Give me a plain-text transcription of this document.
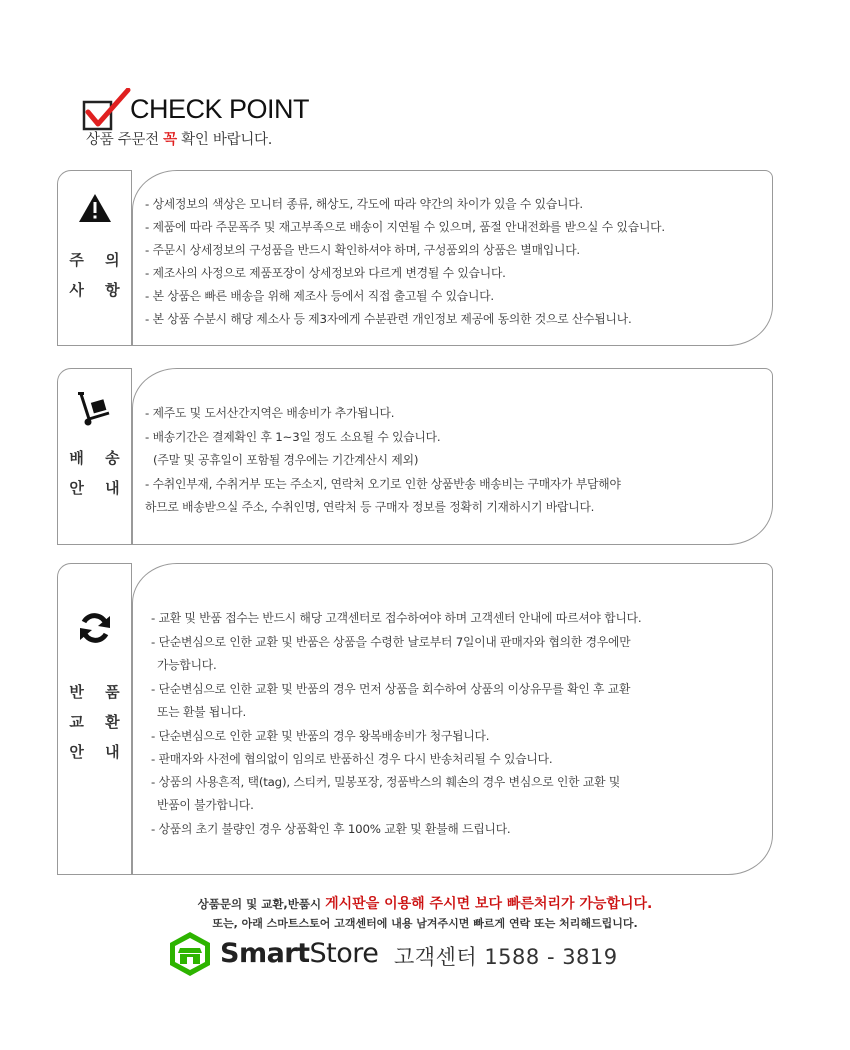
CHECK POINT
상품 주문전 꼭 확인 바랍니다.
주 의
사 항
- 상세정보의 색상은 모니터 종류, 해상도, 각도에 따라 약간의 차이가 있을 수 있습니다.
- 제품에 따라 주문폭주 및 재고부족으로 배송이 지연될 수 있으며, 품절 안내전화를 받으실 수 있습니다.
- 주문시 상세정보의 구성품을 반드시 확인하셔야 하며, 구성품외의 상품은 별매입니다.
- 제조사의 사정으로 제품포장이 상세정보와 다르게 변경될 수 있습니다.
- 본 상품은 빠른 배송을 위해 제조사 등에서 직접 출고될 수 있습니다.
- 본 상품 수분시 해당 제소사 등 제3자에게 수분관련 개인정보 제공에 동의한 것으로 산수됩니나.
배 송
안 내
- 제주도 및 도서산간지역은 배송비가 추가됩니다.
- 배송기간은 결제확인 후 1~3일 정도 소요될 수 있습니다.
(주말 및 공휴일이 포함될 경우에는 기간계산시 제외)
- 수취인부재, 수취거부 또는 주소지, 연락처 오기로 인한 상품반송 배송비는 구매자가 부담해야
하므로 배송받으실 주소, 수취인명, 연락처 등 구매자 정보를 정확히 기재하시기 바랍니다.
반 품
교 환
안 내
- 교환 및 반품 접수는 반드시 해당 고객센터로 접수하여야 하며 고객센터 안내에 따르셔야 합니다.
- 단순변심으로 인한 교환 및 반품은 상품을 수령한 날로부터 7일이내 판매자와 협의한 경우에만
가능합니다.
- 단순변심으로 인한 교환 및 반품의 경우 먼저 상품을 회수하여 상품의 이상유무를 확인 후 교환
또는 환불 됩니다.
- 단순변심으로 인한 교환 및 반품의 경우 왕복배송비가 청구됩니다.
- 판매자와 사전에 협의없이 임의로 반품하신 경우 다시 반송처리될 수 있습니다.
- 상품의 사용흔적, 택(tag), 스티커, 밀봉포장, 정품박스의 훼손의 경우 변심으로 인한 교환 및
반품이 불가합니다.
- 상품의 초기 불량인 경우 상품확인 후 100% 교환 및 환불해 드립니다.
상품문의 및 교환,반품시 게시판을 이용해 주시면 보다 빠른처리가 가능합니다.
또는, 아래 스마트스토어 고객센터에 내용 남겨주시면 빠르게 연락 또는 처리해드립니다.
SmartStore 고객센터 1588 - 3819
